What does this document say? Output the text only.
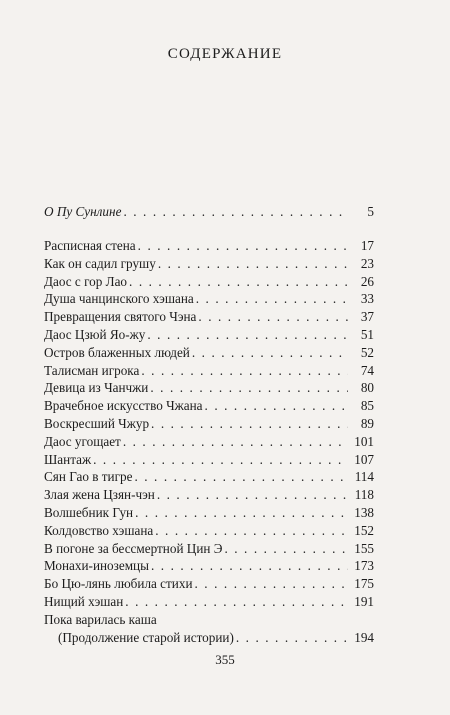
СОДЕРЖАНИЕ
О Пу Сунлине . . .	5
Расписная стена . . .	17
Как он садил грушу . . .	23
Даос с гор Лао . . .	26
Душа чанцинского хэшана . . .	33
Превращения святого Чэна . . .	37
Даос Цзюй Яо-жу . . .	51
Остров блаженных людей . . .	52
Талисман игрока . . .	74
Девица из Чанчжи . . .	80
Врачебное искусство Чжана . . .	85
Воскресший Чжур . . .	89
Даос угощает . . .	101
Шантаж . . .	107
Сян Гао в тигре . . .	114
Злая жена Цзян-чэн . . .	118
Волшебник Гун . . .	138
Колдовство хэшана . . .	152
В погоне за бессмертной Цин Э . . .	155
Монахи-иноземцы . . .	173
Бо Цю-лянь любила стихи . . .	175
Нищий хэшан . . .	191
Пока варилась каша
(Продолжение старой истории) . . .	194
355
